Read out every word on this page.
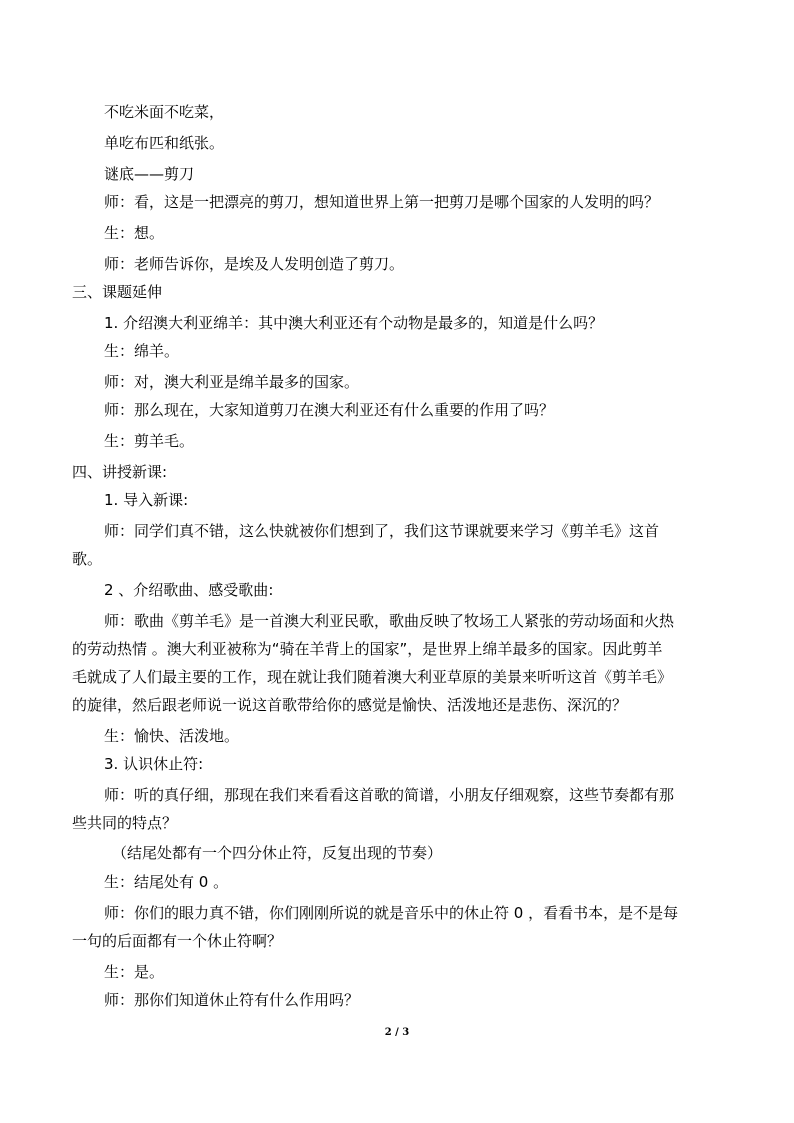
不吃米面不吃菜，
单吃布匹和纸张。
谜底——剪刀
师：看，这是一把漂亮的剪刀，想知道世界上第一把剪刀是哪个国家的人发明的吗？
生：想。
师：老师告诉你，是埃及人发明创造了剪刀。
三、课题延伸
1. 介绍澳大利亚绵羊：其中澳大利亚还有个动物是最多的，知道是什么吗？
生：绵羊。
师：对，澳大利亚是绵羊最多的国家。
师：那么现在，大家知道剪刀在澳大利亚还有什么重要的作用了吗？
生：剪羊毛。
四、讲授新课:
1. 导入新课:
师：同学们真不错，这么快就被你们想到了，我们这节课就要来学习《剪羊毛》这首
歌。
2 、介绍歌曲、感受歌曲:
师：歌曲《剪羊毛》是一首澳大利亚民歌，歌曲反映了牧场工人紧张的劳动场面和火热
的劳动热情 。澳大利亚被称为“骑在羊背上的国家”，是世界上绵羊最多的国家。因此剪羊
毛就成了人们最主要的工作，现在就让我们随着澳大利亚草原的美景来听听这首《剪羊毛》
的旋律，然后跟老师说一说这首歌带给你的感觉是愉快、活泼地还是悲伤、深沉的？
生：愉快、活泼地。
3. 认识休止符:
师：听的真仔细，那现在我们来看看这首歌的简谱，小朋友仔细观察，这些节奏都有那
些共同的特点？
（结尾处都有一个四分休止符，反复出现的节奏）
生：结尾处有 0 。
师：你们的眼力真不错，你们刚刚所说的就是音乐中的休止符 0 ，看看书本，是不是每
一句的后面都有一个休止符啊？
生：是。
师：那你们知道休止符有什么作用吗？
2 / 3
